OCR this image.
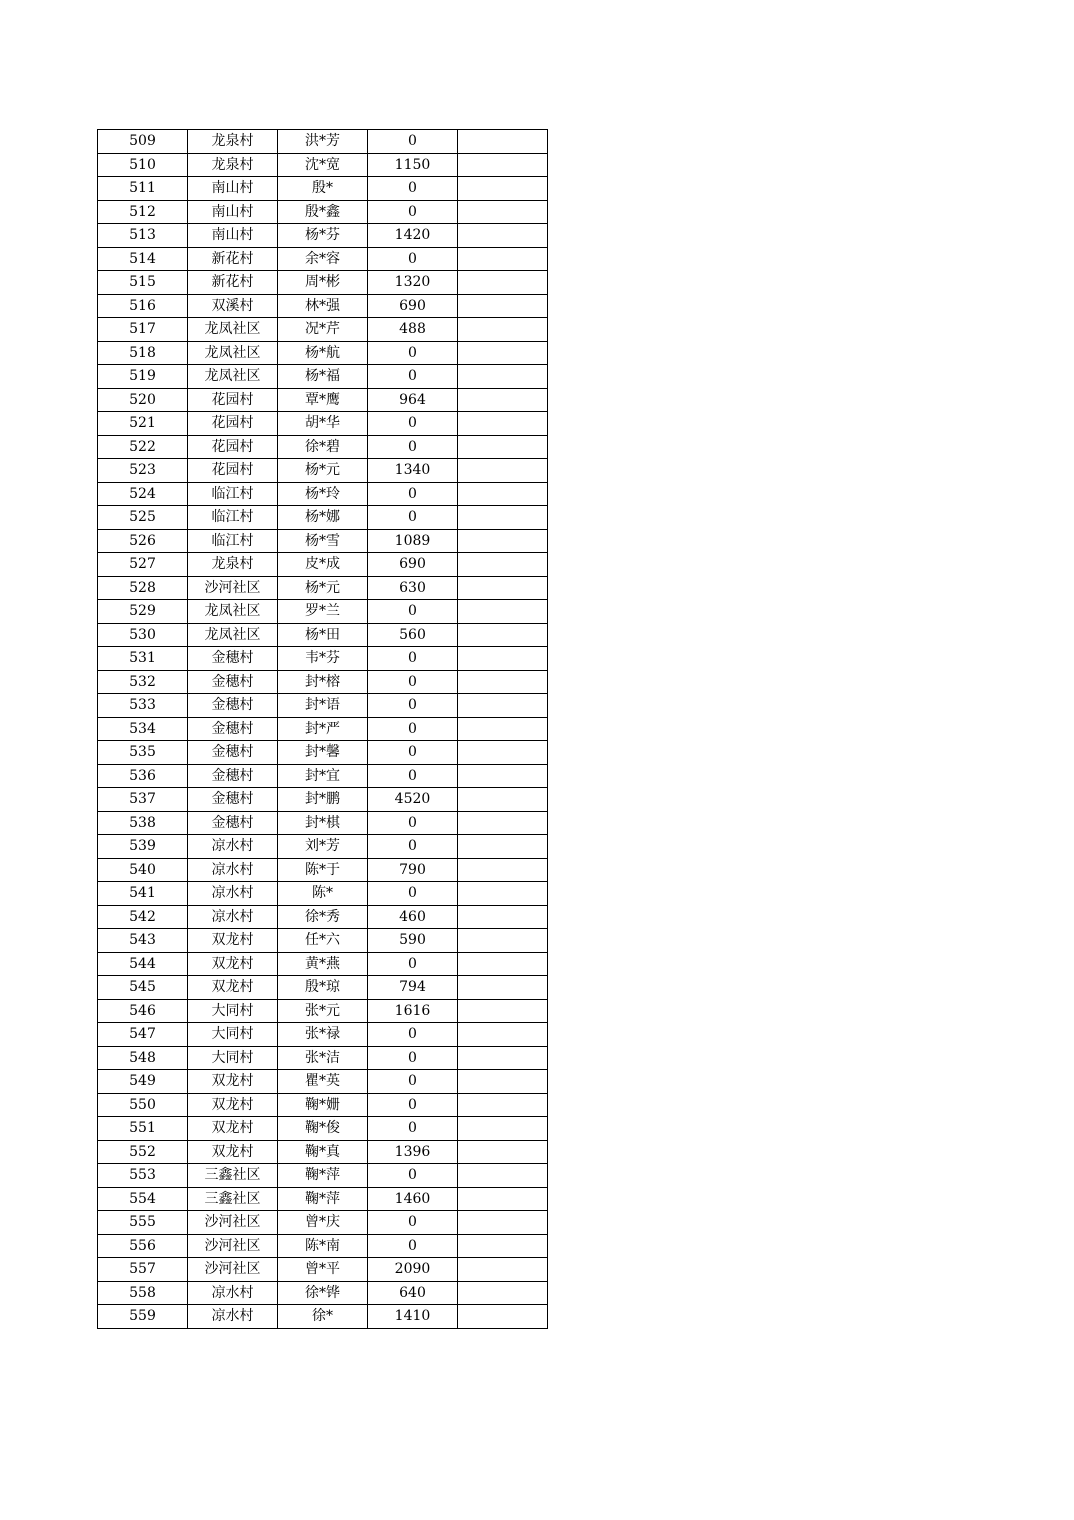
509	龙泉村	洪*芳	0	
510	龙泉村	沈*宽	1150	
511	南山村	殷*	0	
512	南山村	殷*鑫	0	
513	南山村	杨*芬	1420	
514	新花村	余*容	0	
515	新花村	周*彬	1320	
516	双溪村	林*强	690	
517	龙凤社区	况*芹	488	
518	龙凤社区	杨*航	0	
519	龙凤社区	杨*福	0	
520	花园村	覃*鹰	964	
521	花园村	胡*华	0	
522	花园村	徐*碧	0	
523	花园村	杨*元	1340	
524	临江村	杨*玲	0	
525	临江村	杨*娜	0	
526	临江村	杨*雪	1089	
527	龙泉村	皮*成	690	
528	沙河社区	杨*元	630	
529	龙凤社区	罗*兰	0	
530	龙凤社区	杨*田	560	
531	金穗村	韦*芬	0	
532	金穗村	封*榕	0	
533	金穗村	封*语	0	
534	金穗村	封*严	0	
535	金穗村	封*馨	0	
536	金穗村	封*宜	0	
537	金穗村	封*鹏	4520	
538	金穗村	封*棋	0	
539	凉水村	刘*芳	0	
540	凉水村	陈*于	790	
541	凉水村	陈*	0	
542	凉水村	徐*秀	460	
543	双龙村	任*六	590	
544	双龙村	黄*燕	0	
545	双龙村	殷*琼	794	
546	大同村	张*元	1616	
547	大同村	张*禄	0	
548	大同村	张*洁	0	
549	双龙村	瞿*英	0	
550	双龙村	鞠*姗	0	
551	双龙村	鞠*俊	0	
552	双龙村	鞠*真	1396	
553	三鑫社区	鞠*萍	0	
554	三鑫社区	鞠*萍	1460	
555	沙河社区	曾*庆	0	
556	沙河社区	陈*南	0	
557	沙河社区	曾*平	2090	
558	凉水村	徐*铧	640	
559	凉水村	徐*	1410	
